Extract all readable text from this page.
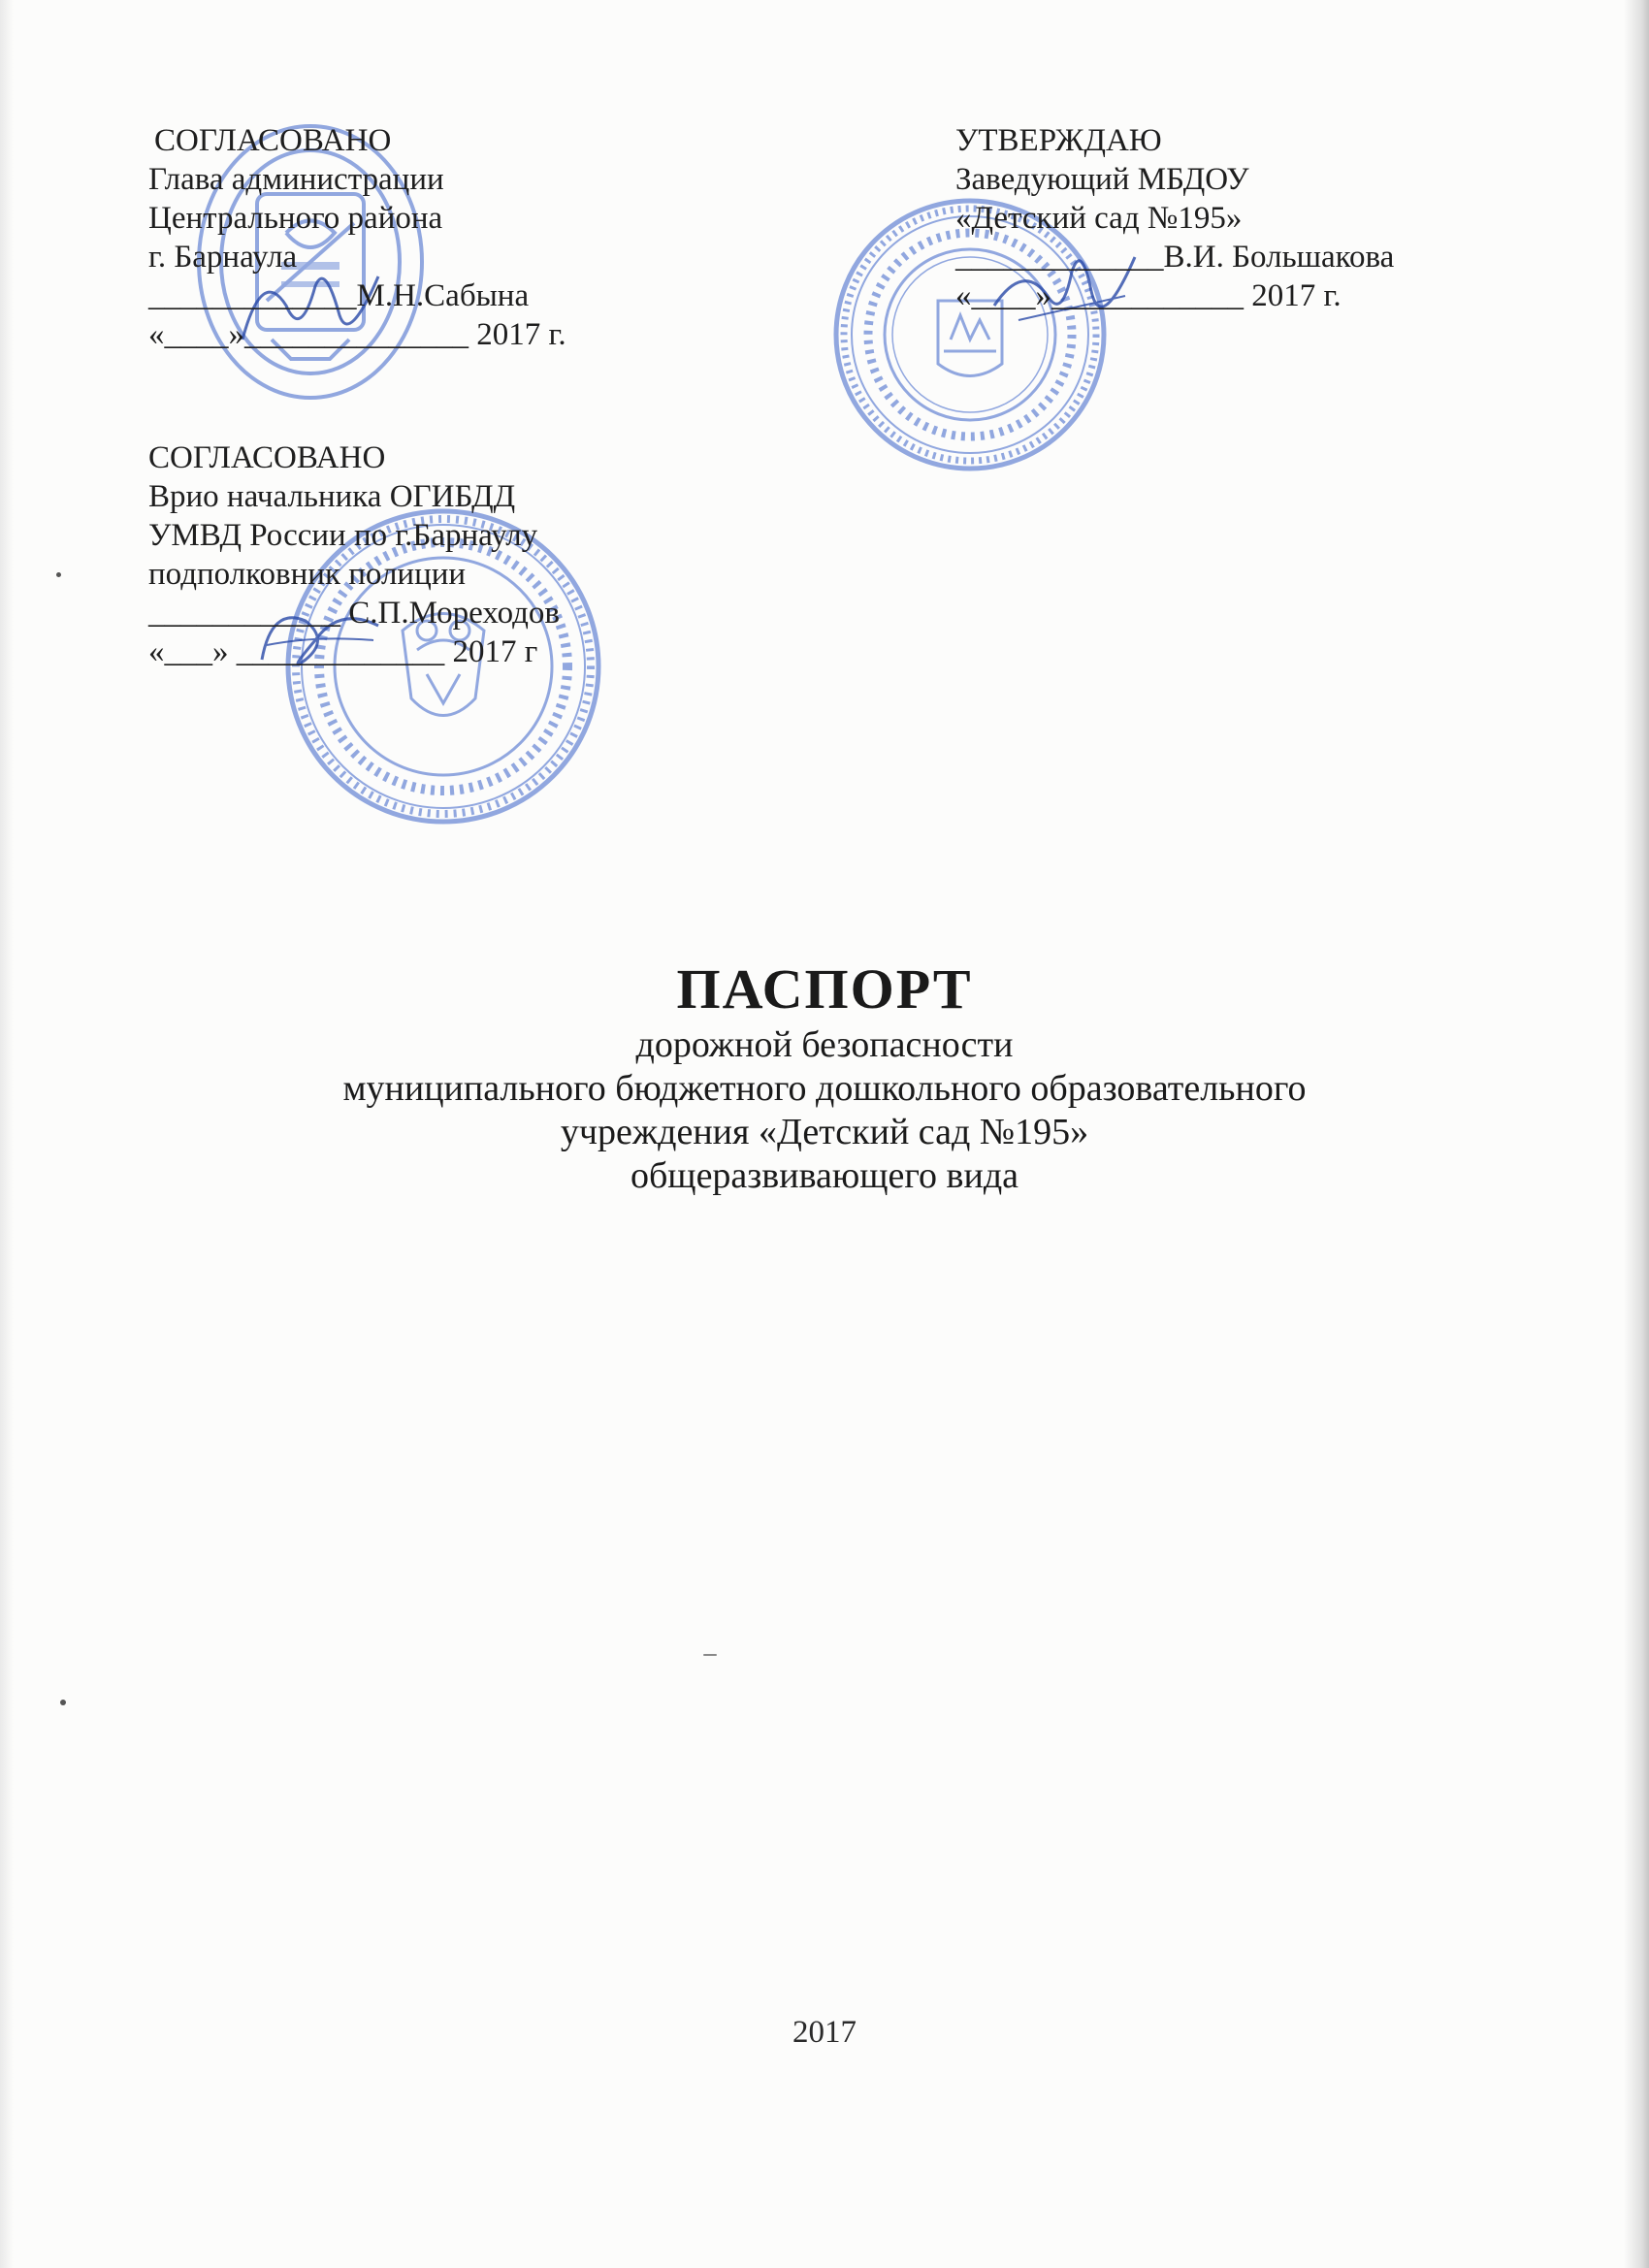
СОГЛАСОВАНО
Глава администрации
Центрального района
г. Барнаула
_____________М.Н.Сабына
«____»______________ 2017 г.
СОГЛАСОВАНО
Врио начальника ОГИБДД
УМВД России по г.Барнаулу
подполковник полиции
____________ С.П.Мореходов
«___» _____________ 2017 г
УТВЕРЖДАЮ
Заведующий МБДОУ
«Детский сад №195»
_____________В.И. Большакова
«____»____________ 2017 г.
ПАСПОРТ
дорожной безопасности
муниципального бюджетного дошкольного образовательного
учреждения «Детский сад №195»
общеразвивающего вида
2017
